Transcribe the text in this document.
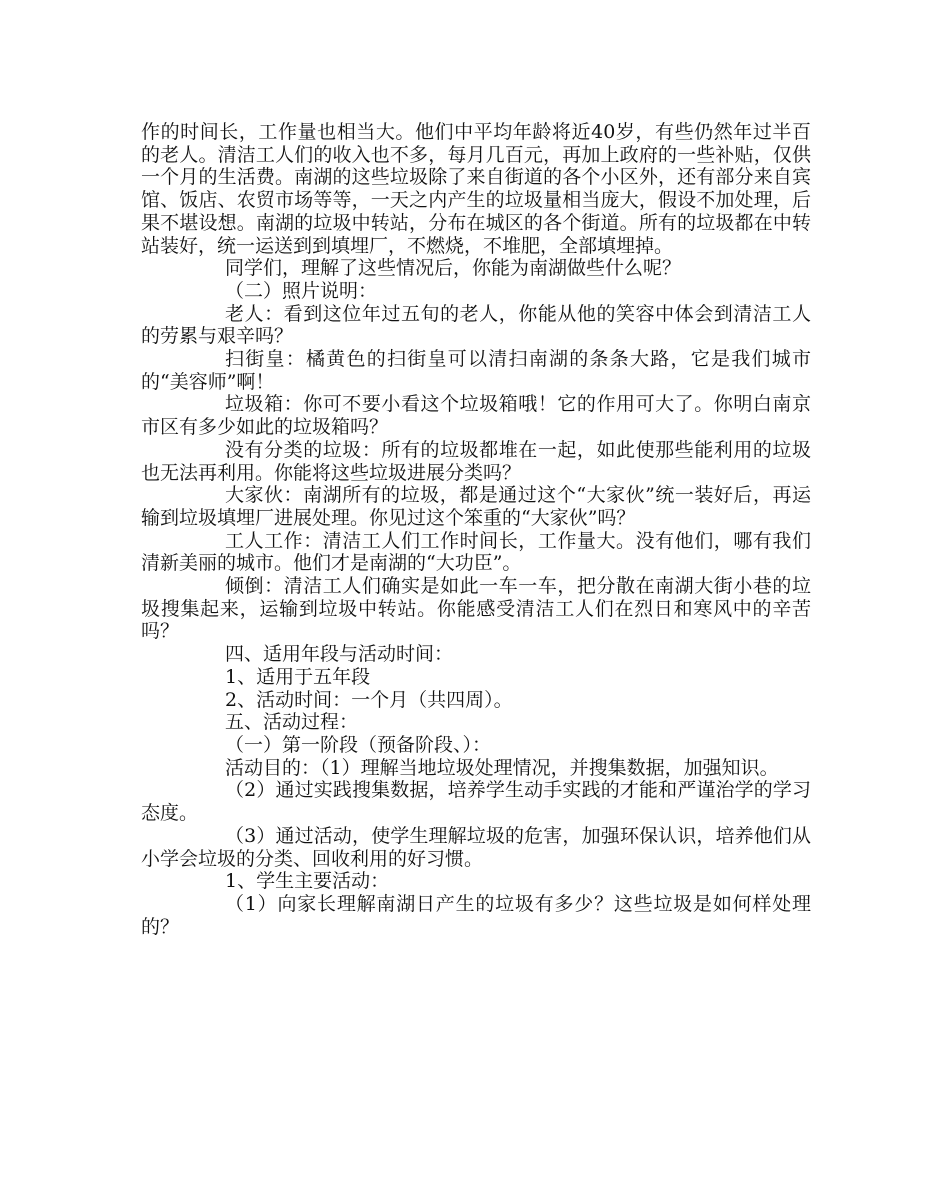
作的时间长，工作量也相当大。他们中平均年龄将近40岁，有些仍然年过半百的老人。清洁工人们的收入也不多，每月几百元，再加上政府的一些补贴，仅供一个月的生活费。南湖的这些垃圾除了来自街道的各个小区外，还有部分来自宾馆、饭店、农贸市场等等，一天之内产生的垃圾量相当庞大，假设不加处理，后果不堪设想。南湖的垃圾中转站，分布在城区的各个街道。所有的垃圾都在中转站装好，统一运送到到填埋厂，不燃烧，不堆肥，全部填埋掉。

同学们，理解了这些情况后，你能为南湖做些什么呢？

（二）照片说明：

老人：看到这位年过五旬的老人，你能从他的笑容中体会到清洁工人的劳累与艰辛吗？

扫街皇：橘黄色的扫街皇可以清扫南湖的条条大路，它是我们城市的“美容师”啊！

垃圾箱：你可不要小看这个垃圾箱哦！它的作用可大了。你明白南京市区有多少如此的垃圾箱吗？

没有分类的垃圾：所有的垃圾都堆在一起，如此使那些能利用的垃圾也无法再利用。你能将这些垃圾进展分类吗？

大家伙：南湖所有的垃圾，都是通过这个“大家伙”统一装好后，再运输到垃圾填埋厂进展处理。你见过这个笨重的“大家伙”吗？

工人工作：清洁工人们工作时间长，工作量大。没有他们，哪有我们清新美丽的城市。他们才是南湖的“大功臣”。

倾倒：清洁工人们确实是如此一车一车，把分散在南湖大街小巷的垃圾搜集起来，运输到垃圾中转站。你能感受清洁工人们在烈日和寒风中的辛苦吗？

四、适用年段与活动时间：

1、适用于五年段

2、活动时间：一个月（共四周）。

五、活动过程：

（一）第一阶段（预备阶段、）：

活动目的：（1）理解当地垃圾处理情况，并搜集数据，加强知识。

（2）通过实践搜集数据，培养学生动手实践的才能和严谨治学的学习态度。

（3）通过活动，使学生理解垃圾的危害，加强环保认识，培养他们从小学会垃圾的分类、回收利用的好习惯。

1、学生主要活动：

（1）向家长理解南湖日产生的垃圾有多少？这些垃圾是如何样处理的？
